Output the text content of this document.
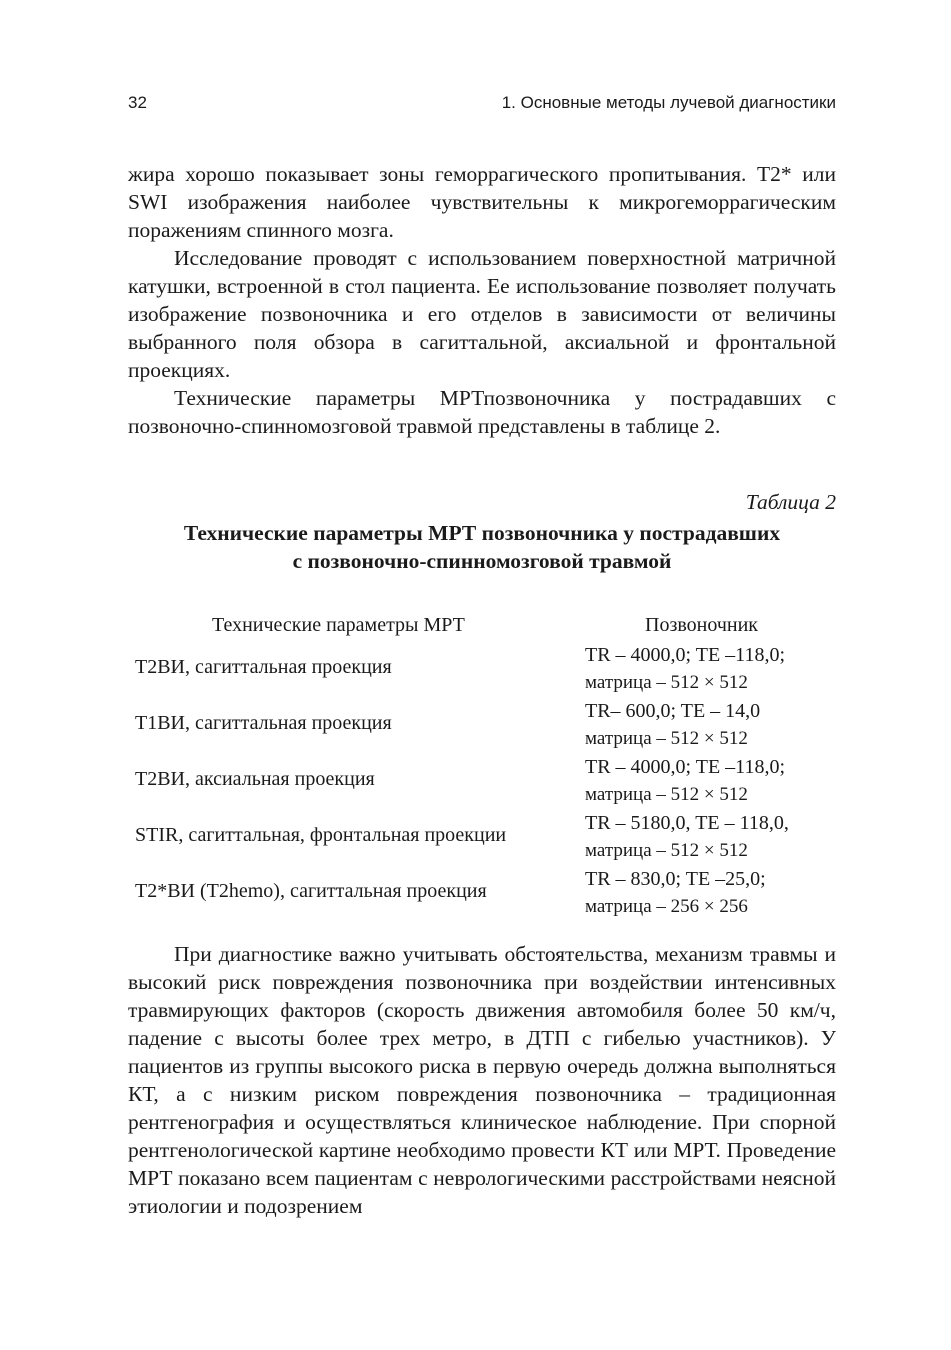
32	1. Основные методы лучевой диагностики

жира хорошо показывает зоны геморрагического пропитывания. T2* или SWI изображения наиболее чувствительны к микрогеморрагическим поражениям спинного мозга.

Исследование проводят с использованием поверхностной матричной катушки, встроенной в стол пациента. Ее использование позволяет получать изображение позвоночника и его отделов в зависимости от величины выбранного поля обзора в сагиттальной, аксиальной и фронтальной проекциях.

Технические параметры МРТпозвоночника у пострадавших с позвоночно-спинномозговой травмой представлены в таблице 2.

Таблица 2
Технические параметры МРТ позвоночника у пострадавших
с позвоночно-спинномозговой травмой
Технические параметры МРТ	Позвоночник
T2ВИ, сагиттальная проекция
TR – 4000,0; TE –118,0;
матрица – 512 × 512
T1ВИ, сагиттальная проекция
TR– 600,0; TE – 14,0
матрица – 512 × 512
T2ВИ, аксиальная проекция
TR – 4000,0; TE –118,0;
матрица – 512 × 512
STIR, сагиттальная, фронтальная проекции
TR – 5180,0, TE – 118,0,
матрица – 512 × 512
T2*ВИ (T2hemo), сагиттальная проекция
TR – 830,0; TE –25,0;
матрица – 256 × 256

При диагностике важно учитывать обстоятельства, механизм травмы и высокий риск повреждения позвоночника при воздействии интенсивных травмирующих факторов (скорость движения автомобиля более 50 км/ч, падение с высоты более трех метро, в ДТП с гибелью участников). У пациентов из группы высокого риска в первую очередь должна выполняться КТ, а с низким риском повреждения позвоночника – традиционная рентгенография и осуществляться клиническое наблюдение. При спорной рентгенологической картине необходимо провести КТ или МРТ. Проведение МРТ показано всем пациентам с неврологическими расстройствами неясной этиологии и подозрением
